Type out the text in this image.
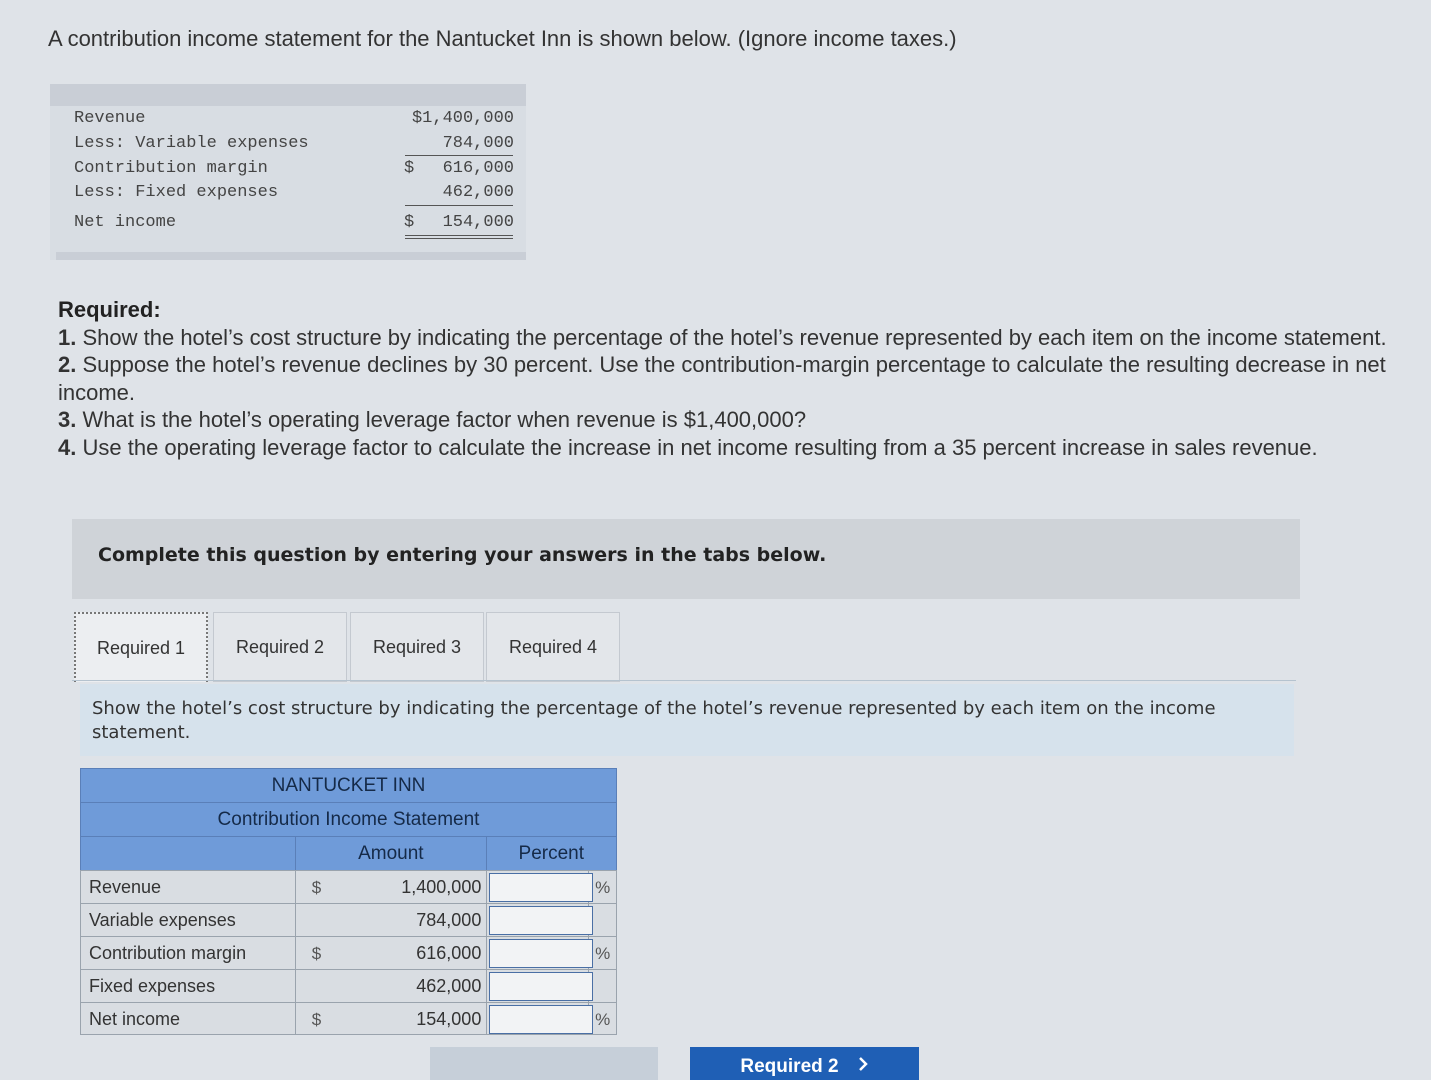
A contribution income statement for the Nantucket Inn is shown below. (Ignore income taxes.)
Revenue	$1,400,000
Less: Variable expenses	784,000
Contribution margin	$ 616,000
Less: Fixed expenses	462,000
Net income	$ 154,000
Required:
1. Show the hotel’s cost structure by indicating the percentage of the hotel’s revenue represented by each item on the income statement.
2. Suppose the hotel’s revenue declines by 30 percent. Use the contribution-margin percentage to calculate the resulting decrease in net income.
3. What is the hotel’s operating leverage factor when revenue is $1,400,000?
4. Use the operating leverage factor to calculate the increase in net income resulting from a 35 percent increase in sales revenue.
Complete this question by entering your answers in the tabs below.
Required 1	Required 2	Required 3	Required 4
Show the hotel’s cost structure by indicating the percentage of the hotel’s revenue represented by each item on the income statement.
NANTUCKET INN
Contribution Income Statement
Amount	Percent
Revenue	$	1,400,000	%
Variable expenses	784,000
Contribution margin	$	616,000	%
Fixed expenses	462,000
Net income	$	154,000	%
Required 2
